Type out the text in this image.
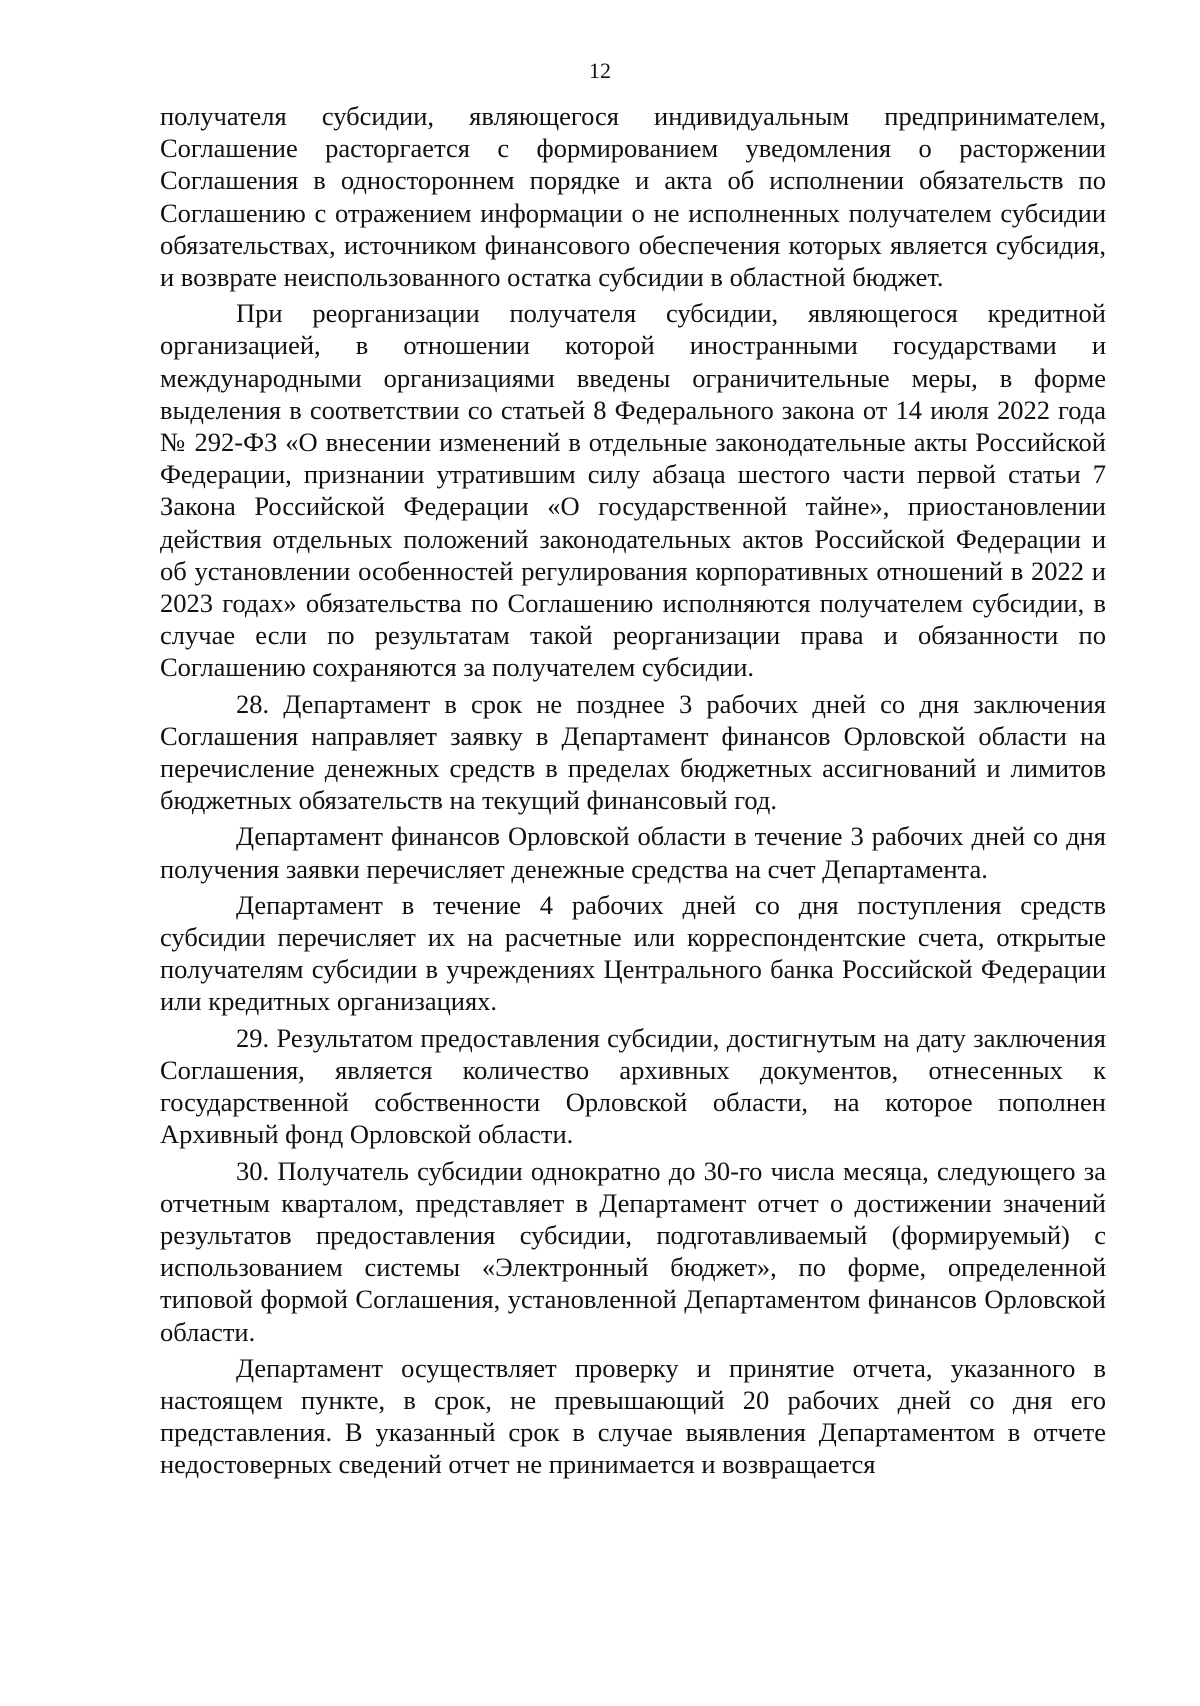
12

получателя субсидии, являющегося индивидуальным предпринимателем, Соглашение расторгается с формированием уведомления о расторжении Соглашения в одностороннем порядке и акта об исполнении обязательств по Соглашению с отражением информации о не исполненных получателем субсидии обязательствах, источником финансового обеспечения которых является субсидия, и возврате неиспользованного остатка субсидии в областной бюджет.

При реорганизации получателя субсидии, являющегося кредитной организацией, в отношении которой иностранными государствами и международными организациями введены ограничительные меры, в форме выделения в соответствии со статьей 8 Федерального закона от 14 июля 2022 года № 292-ФЗ «О внесении изменений в отдельные законодательные акты Российской Федерации, признании утратившим силу абзаца шестого части первой статьи 7 Закона Российской Федерации «О государственной тайне», приостановлении действия отдельных положений законодательных актов Российской Федерации и об установлении особенностей регулирования корпоративных отношений в 2022 и 2023 годах» обязательства по Соглашению исполняются получателем субсидии, в случае если по результатам такой реорганизации права и обязанности по Соглашению сохраняются за получателем субсидии.

28. Департамент в срок не позднее 3 рабочих дней со дня заключения Соглашения направляет заявку в Департамент финансов Орловской области на перечисление денежных средств в пределах бюджетных ассигнований и лимитов бюджетных обязательств на текущий финансовый год.

Департамент финансов Орловской области в течение 3 рабочих дней со дня получения заявки перечисляет денежные средства на счет Департамента.

Департамент в течение 4 рабочих дней со дня поступления средств субсидии перечисляет их на расчетные или корреспондентские счета, открытые получателям субсидии в учреждениях Центрального банка Российской Федерации или кредитных организациях.

29. Результатом предоставления субсидии, достигнутым на дату заключения Соглашения, является количество архивных документов, отнесенных к государственной собственности Орловской области, на которое пополнен Архивный фонд Орловской области.

30. Получатель субсидии однократно до 30-го числа месяца, следующего за отчетным кварталом, представляет в Департамент отчет о достижении значений результатов предоставления субсидии, подготавливаемый (формируемый) с использованием системы «Электронный бюджет», по форме, определенной типовой формой Соглашения, установленной Департаментом финансов Орловской области.

Департамент осуществляет проверку и принятие отчета, указанного в настоящем пункте, в срок, не превышающий 20 рабочих дней со дня его представления. В указанный срок в случае выявления Департаментом в отчете недостоверных сведений отчет не принимается и возвращается
